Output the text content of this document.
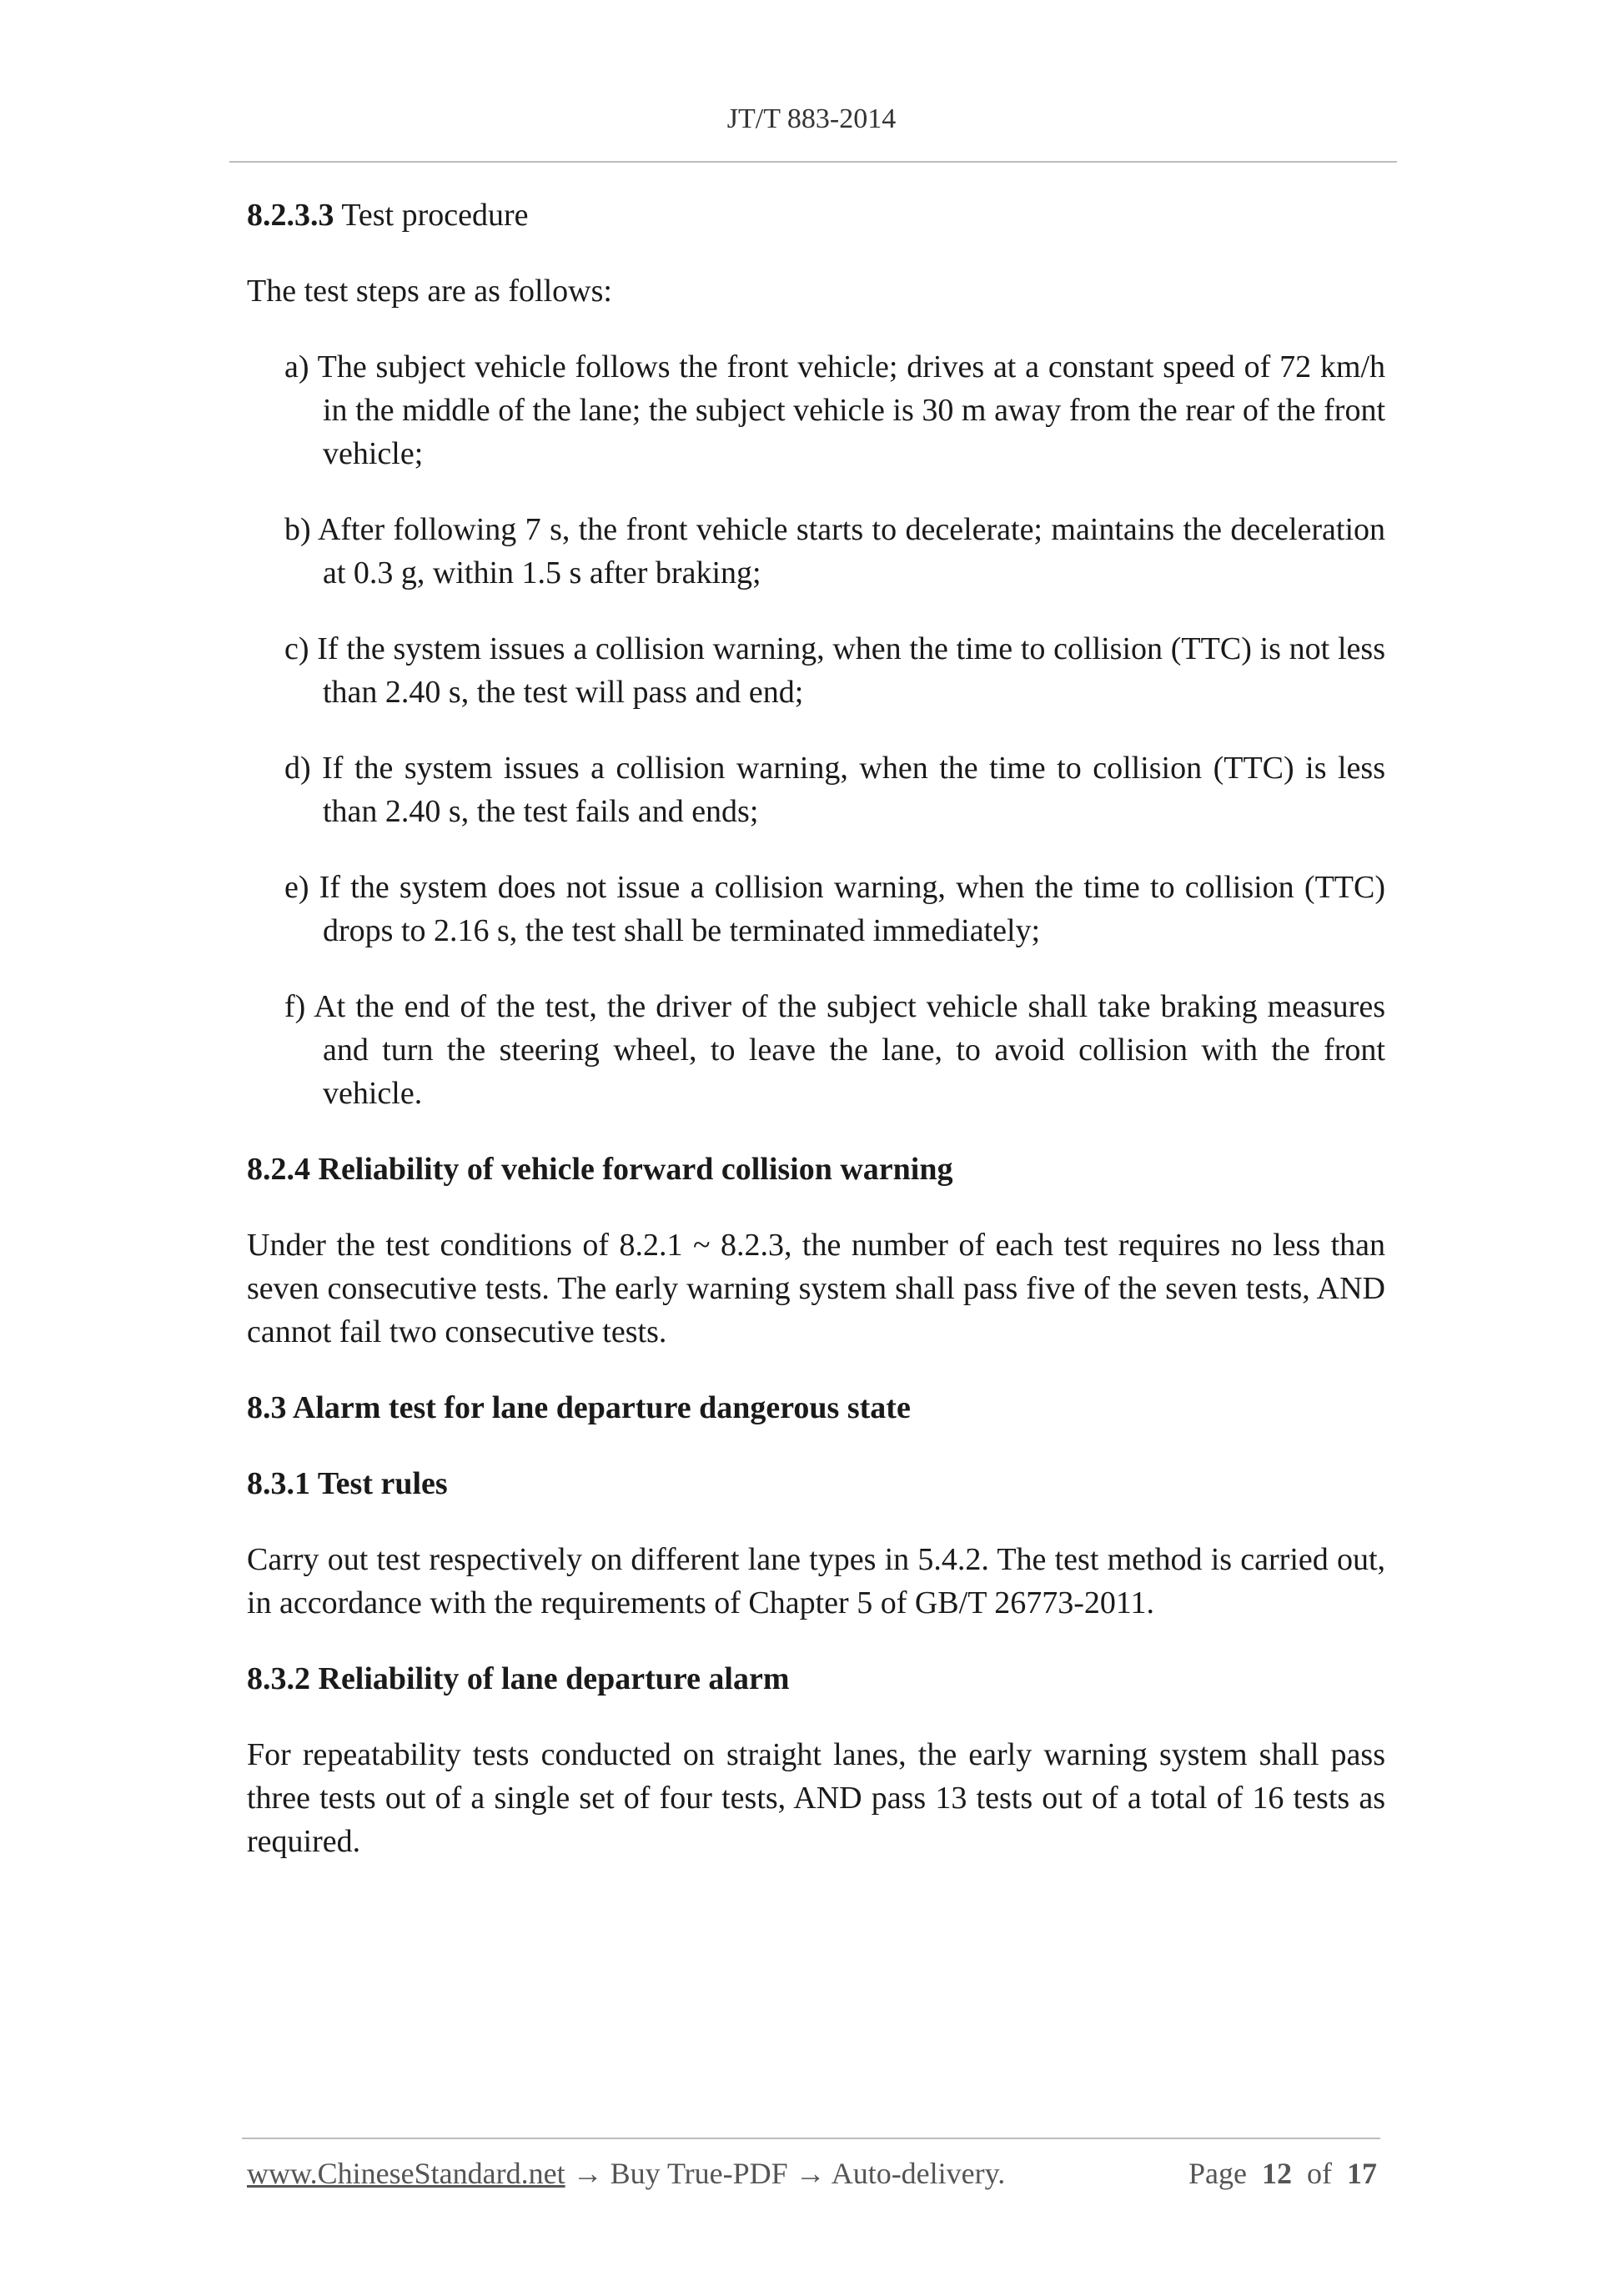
JT/T 883-2014

8.2.3.3 Test procedure

The test steps are as follows:

a) The subject vehicle follows the front vehicle; drives at a constant speed of 72 km/h in the middle of the lane; the subject vehicle is 30 m away from the rear of the front vehicle;

b) After following 7 s, the front vehicle starts to decelerate; maintains the deceleration at 0.3 g, within 1.5 s after braking;

c) If the system issues a collision warning, when the time to collision (TTC) is not less than 2.40 s, the test will pass and end;

d) If the system issues a collision warning, when the time to collision (TTC) is less than 2.40 s, the test fails and ends;

e) If the system does not issue a collision warning, when the time to collision (TTC) drops to 2.16 s, the test shall be terminated immediately;

f) At the end of the test, the driver of the subject vehicle shall take braking measures and turn the steering wheel, to leave the lane, to avoid collision with the front vehicle.

8.2.4 Reliability of vehicle forward collision warning

Under the test conditions of 8.2.1 ~ 8.2.3, the number of each test requires no less than seven consecutive tests. The early warning system shall pass five of the seven tests, AND cannot fail two consecutive tests.

8.3 Alarm test for lane departure dangerous state

8.3.1 Test rules

Carry out test respectively on different lane types in 5.4.2. The test method is carried out, in accordance with the requirements of Chapter 5 of GB/T 26773-2011.

8.3.2 Reliability of lane departure alarm

For repeatability tests conducted on straight lanes, the early warning system shall pass three tests out of a single set of four tests, AND pass 13 tests out of a total of 16 tests as required.

www.ChineseStandard.net → Buy True-PDF → Auto-delivery.	Page 12 of 17
